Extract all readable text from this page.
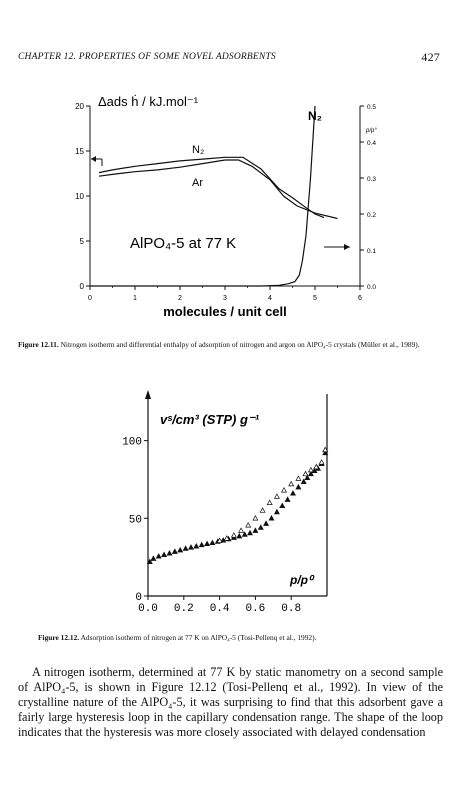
CHAPTER 12. PROPERTIES OF SOME NOVEL ADSORBENTS	427
0	1	2	3	4	5	6
0
5
10
15
20
0.0
0.1
0.2
0.3
0.4
0.5
Δads ḣ / kJ.mol⁻¹
p/p°
molecules / unit cell
AlPO₄-5 at 77 K
N₂
Ar
N₂
Figure 12.11. Nitrogen isotherm and differential enthalpy of adsorption of nitrogen and argon on AlPO₄-5 crystals (Müller et al., 1989).
0.0 0.2 0.4 0.6 0.8
0
50
100
vˢ/cm³ (STP) g⁻¹
p/p⁰
Figure 12.12. Adsorption isotherm of nitrogen at 77 K on AlPO₄-5 (Tosi-Pellenq et al., 1992).

A nitrogen isotherm, determined at 77 K by static manometry on a second sample of AlPO₄-5, is shown in Figure 12.12 (Tosi-Pellenq et al., 1992). In view of the crystalline nature of the AlPO₄-5, it was surprising to find that this adsorbent gave a fairly large hysteresis loop in the capillary condensation range. The shape of the loop indicates that the hysteresis was more closely associated with delayed condensation
